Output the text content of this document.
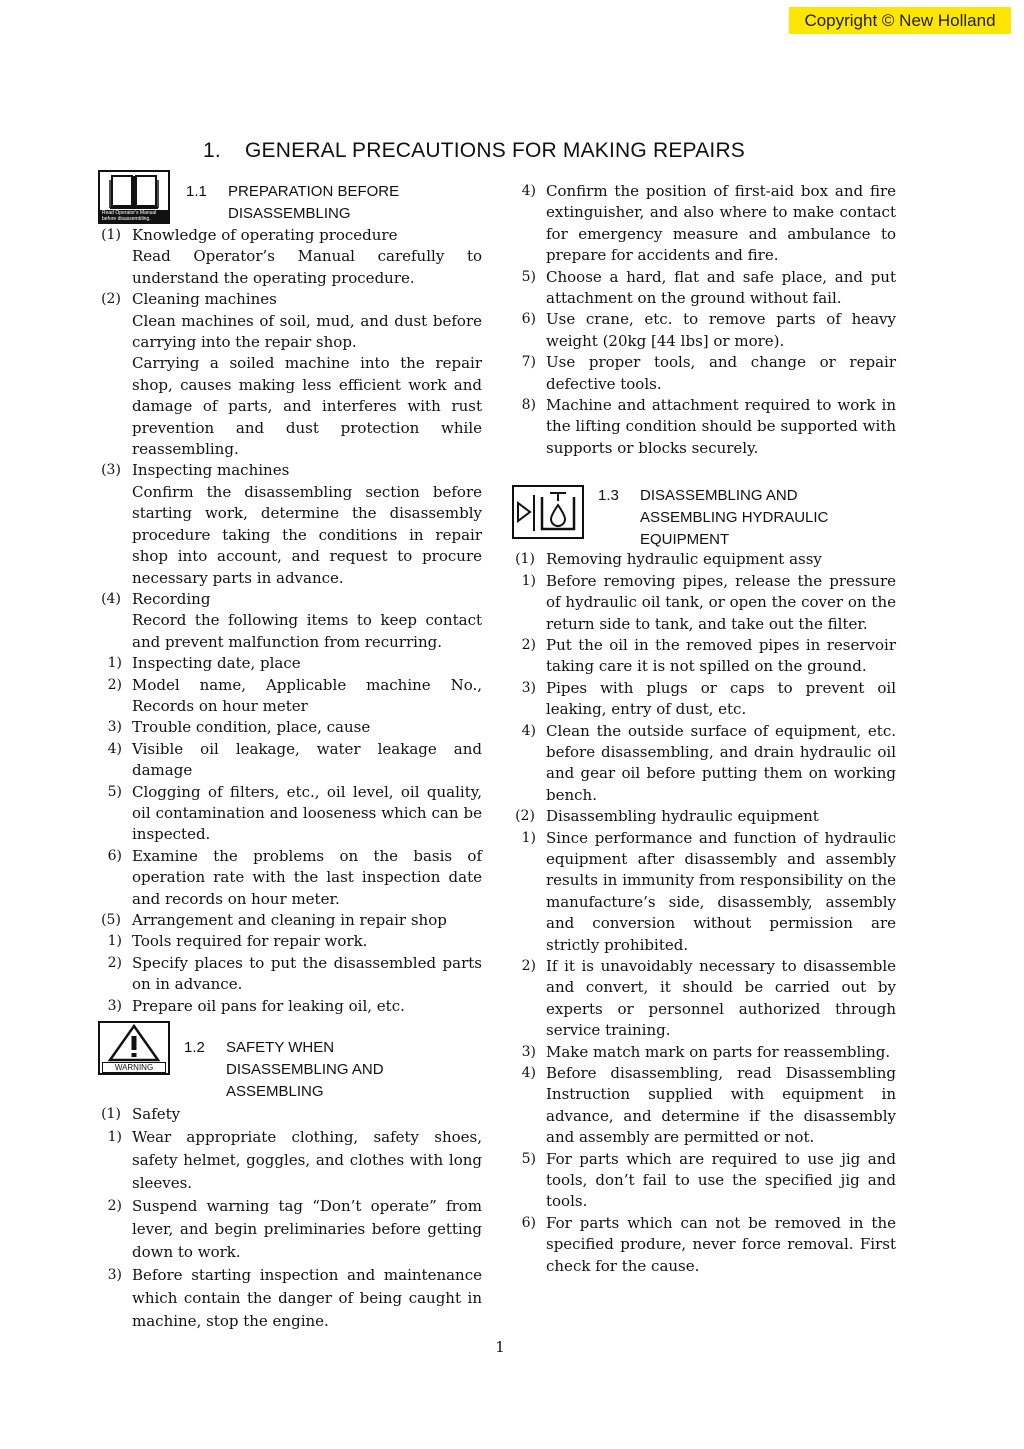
Copyright © New Holland
1. GENERAL PRECAUTIONS FOR MAKING REPAIRS
Read Operator's Manual
before disassembling.
1.1	PREPARATION BEFORE
DISASSEMBLING
(1) Knowledge of operating procedure
Read Operator’s Manual carefully to understand the operating procedure.
(2) Cleaning machines
Clean machines of soil, mud, and dust before carrying into the repair shop.
Carrying a soiled machine into the repair shop, causes making less efficient work and damage of parts, and interferes with rust prevention and dust protection while reassembling.
(3) Inspecting machines
Confirm the disassembling section before starting work, determine the disassembly procedure taking the conditions in repair shop into account, and request to procure necessary parts in advance.
(4) Recording
Record the following items to keep contact and prevent malfunction from recurring.
1) Inspecting date, place
2) Model name, Applicable machine No., Records on hour meter
3) Trouble condition, place, cause
4) Visible oil leakage, water leakage and damage
5) Clogging of filters, etc., oil level, oil quality, oil contamination and looseness which can be inspected.
6) Examine the problems on the basis of operation rate with the last inspection date and records on hour meter.
(5) Arrangement and cleaning in repair shop
1) Tools required for repair work.
2) Specify places to put the disassembled parts on in advance.
3) Prepare oil pans for leaking oil, etc.
WARNING
1.2	SAFETY WHEN
DISASSEMBLING AND
ASSEMBLING
(1) Safety
1) Wear appropriate clothing, safety shoes, safety helmet, goggles, and clothes with long sleeves.
2) Suspend warning tag “Don’t operate” from lever, and begin preliminaries before getting down to work.
3) Before starting inspection and maintenance which contain the danger of being caught in machine, stop the engine.
4) Confirm the position of first-aid box and fire extinguisher, and also where to make contact for emergency measure and ambulance to prepare for accidents and fire.
5) Choose a hard, flat and safe place, and put attachment on the ground without fail.
6) Use crane, etc. to remove parts of heavy weight (20kg [44 lbs] or more).
7) Use proper tools, and change or repair defective tools.
8) Machine and attachment required to work in the lifting condition should be supported with supports or blocks securely.
1.3	DISASSEMBLING AND
ASSEMBLING HYDRAULIC
EQUIPMENT
(1) Removing hydraulic equipment assy
1) Before removing pipes, release the pressure of hydraulic oil tank, or open the cover on the return side to tank, and take out the filter.
2) Put the oil in the removed pipes in reservoir taking care it is not spilled on the ground.
3) Pipes with plugs or caps to prevent oil leaking, entry of dust, etc.
4) Clean the outside surface of equipment, etc. before disassembling, and drain hydraulic oil and gear oil before putting them on working bench.
(2) Disassembling hydraulic equipment
1) Since performance and function of hydraulic equipment after disassembly and assembly results in immunity from responsibility on the manufacture’s side, disassembly, assembly and conversion without permission are strictly prohibited.
2) If it is unavoidably necessary to disassemble and convert, it should be carried out by experts or personnel authorized through service training.
3) Make match mark on parts for reassembling.
4) Before disassembling, read Disassembling Instruction supplied with equipment in advance, and determine if the disassembly and assembly are permitted or not.
5) For parts which are required to use jig and tools, don’t fail to use the specified jig and tools.
6) For parts which can not be removed in the specified produre, never force removal. First check for the cause.
1
